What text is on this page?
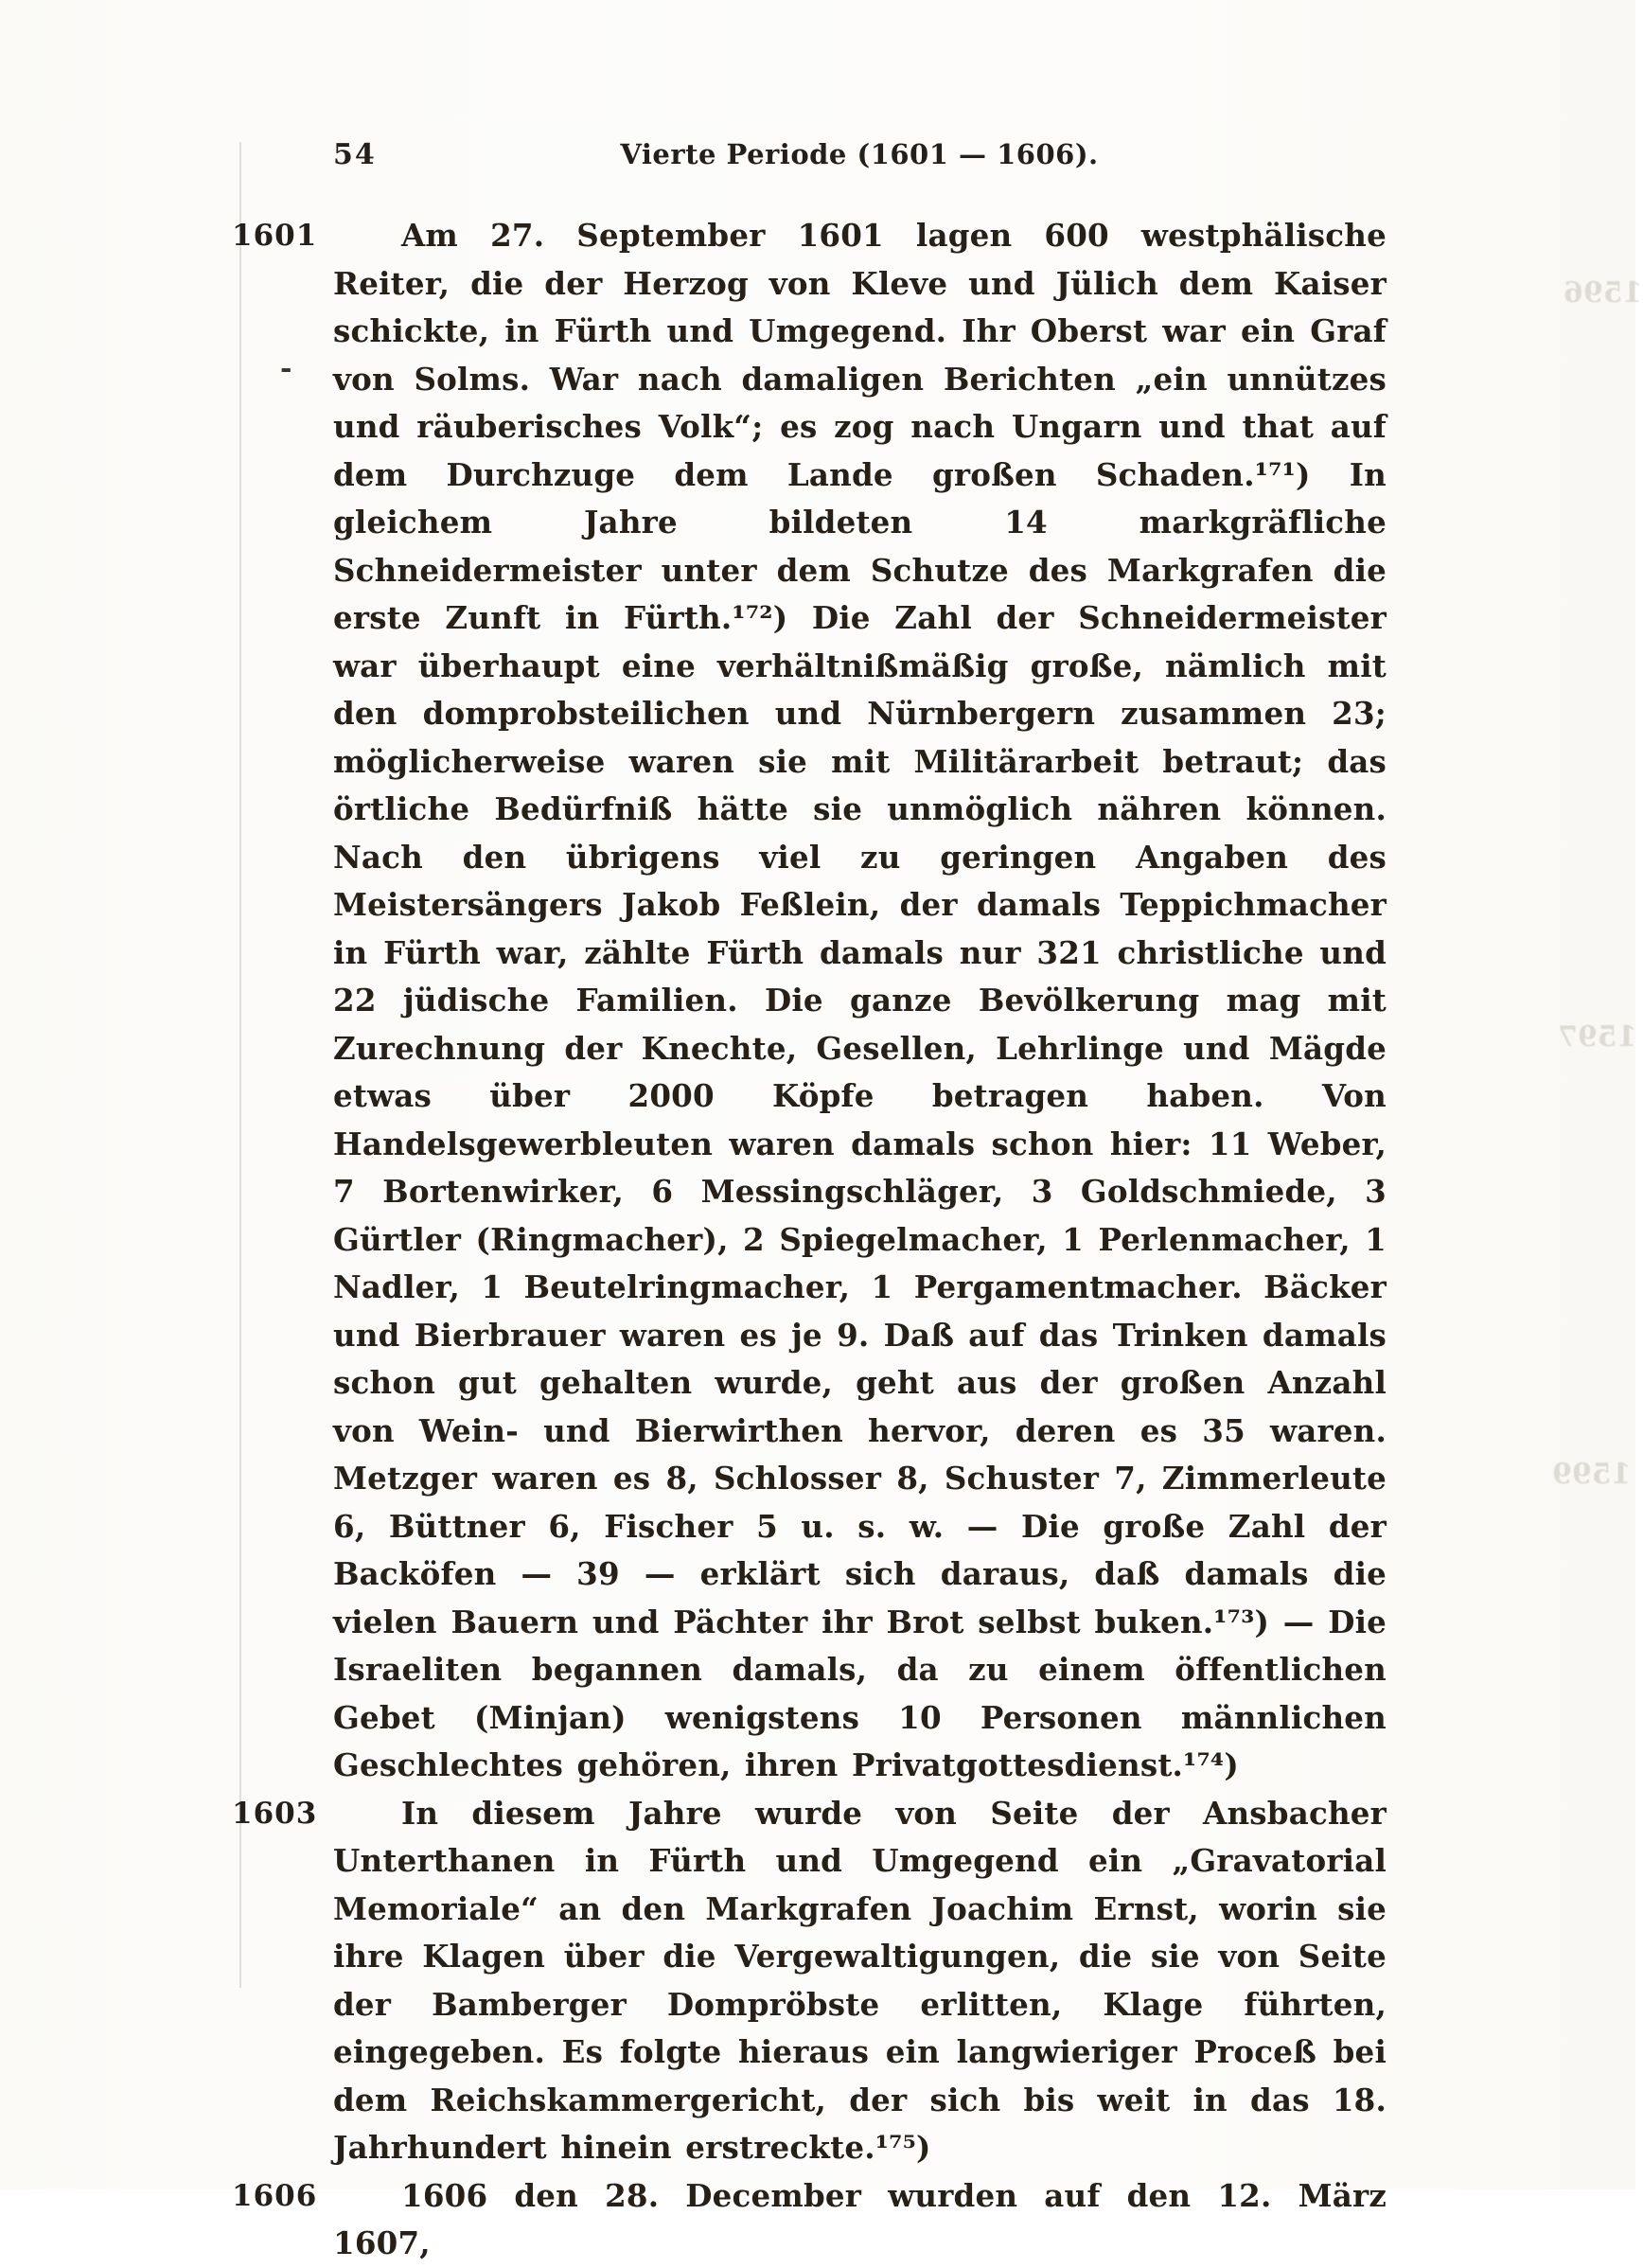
54	Vierte Periode (1601 — 1606).
1601	Am 27. September 1601 lagen 600 westphälische Reiter, die der Herzog von Kleve und Jülich dem Kaiser schickte, in Fürth und Umgegend. Ihr Oberst war ein Graf von Solms. War nach damaligen Berichten „ein unnützes und räuberisches Volk“; es zog nach Ungarn und that auf dem Durchzuge dem Lande großen Schaden.¹⁷¹) In gleichem Jahre bildeten 14 markgräfliche Schneidermeister unter dem Schutze des Markgrafen die erste Zunft in Fürth.¹⁷²) Die Zahl der Schneidermeister war überhaupt eine verhältnißmäßig große, nämlich mit den domprobsteilichen und Nürnbergern zusammen 23; möglicherweise waren sie mit Militärarbeit betraut; das örtliche Bedürfniß hätte sie unmöglich nähren können. Nach den übrigens viel zu geringen Angaben des Meistersängers Jakob Feßlein, der damals Teppichmacher in Fürth war, zählte Fürth damals nur 321 christliche und 22 jüdische Familien. Die ganze Bevölkerung mag mit Zurechnung der Knechte, Gesellen, Lehrlinge und Mägde etwas über 2000 Köpfe betragen haben. Von Handelsgewerbleuten waren damals schon hier: 11 Weber, 7 Bortenwirker, 6 Messingschläger, 3 Goldschmiede, 3 Gürtler (Ringmacher), 2 Spiegelmacher, 1 Perlenmacher, 1 Nadler, 1 Beutelringmacher, 1 Pergamentmacher. Bäcker und Bierbrauer waren es je 9. Daß auf das Trinken damals schon gut gehalten wurde, geht aus der großen Anzahl von Wein- und Bierwirthen hervor, deren es 35 waren. Metzger waren es 8, Schlosser 8, Schuster 7, Zimmerleute 6, Büttner 6, Fischer 5 u. s. w. — Die große Zahl der Backöfen — 39 — erklärt sich daraus, daß damals die vielen Bauern und Pächter ihr Brot selbst buken.¹⁷³) — Die Israeliten begannen damals, da zu einem öffentlichen Gebet (Minjan) wenigstens 10 Personen männlichen Geschlechtes gehören, ihren Privatgottesdienst.¹⁷⁴)
1603	In diesem Jahre wurde von Seite der Ansbacher Unterthanen in Fürth und Umgegend ein „Gravatorial Memoriale“ an den Markgrafen Joachim Ernst, worin sie ihre Klagen über die Vergewaltigungen, die sie von Seite der Bamberger Dompröbste erlitten, Klage führten, eingegeben. Es folgte hieraus ein langwieriger Proceß bei dem Reichskammergericht, der sich bis weit in das 18. Jahrhundert hinein erstreckte.¹⁷⁵)
1606	1606 den 28. December wurden auf den 12. März 1607,
1596
1597
1599
-
